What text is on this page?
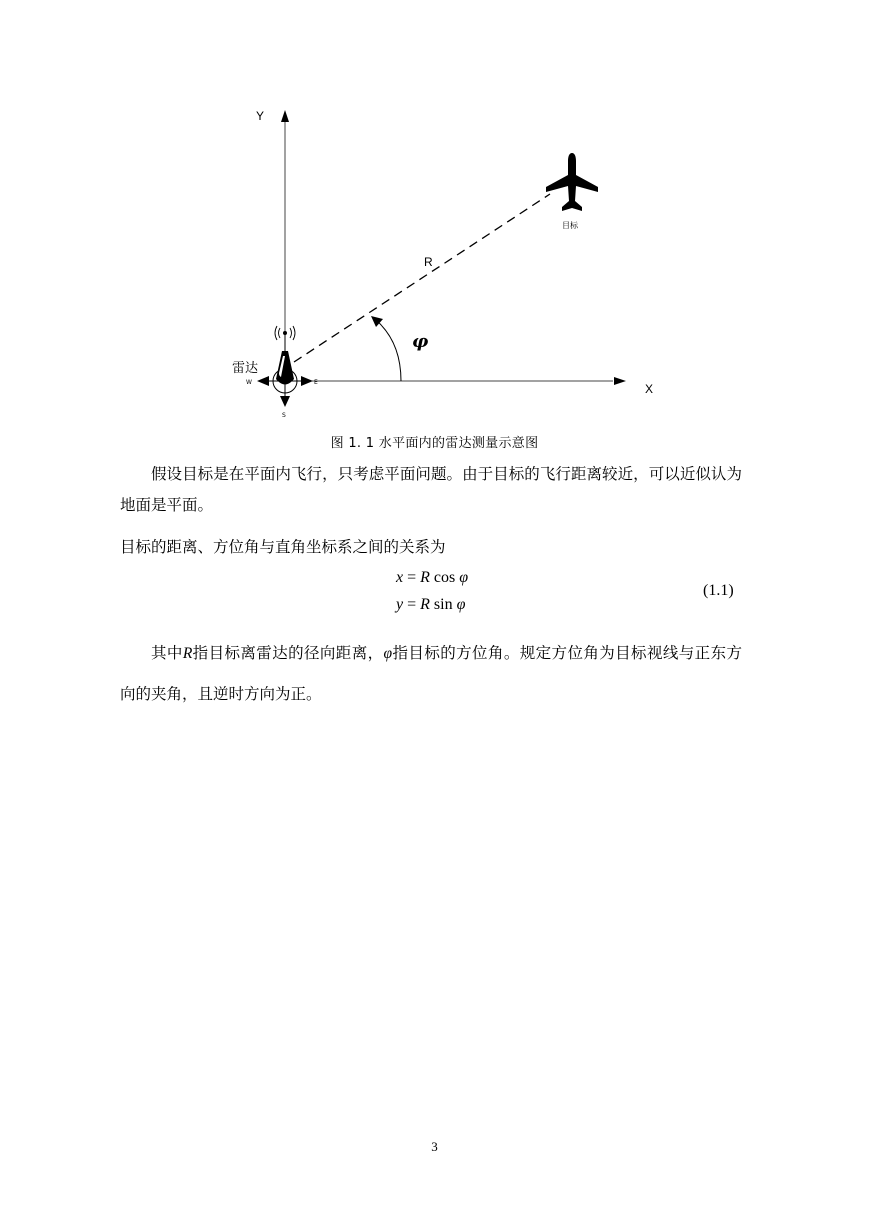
Y
X
R
φ
目标
雷达
W	E
S
图 1. 1 水平面内的雷达测量示意图
假设目标是在平面内飞行，只考虑平面问题。由于目标的飞行距离较近，可以近似认为地面是平面。
目标的距离、方位角与直角坐标系之间的关系为
x = R cos φ
y = R sin φ
(1.1)
其中R指目标离雷达的径向距离，φ指目标的方位角。规定方位角为目标视线与正东方向的夹角，且逆时方向为正。
3
